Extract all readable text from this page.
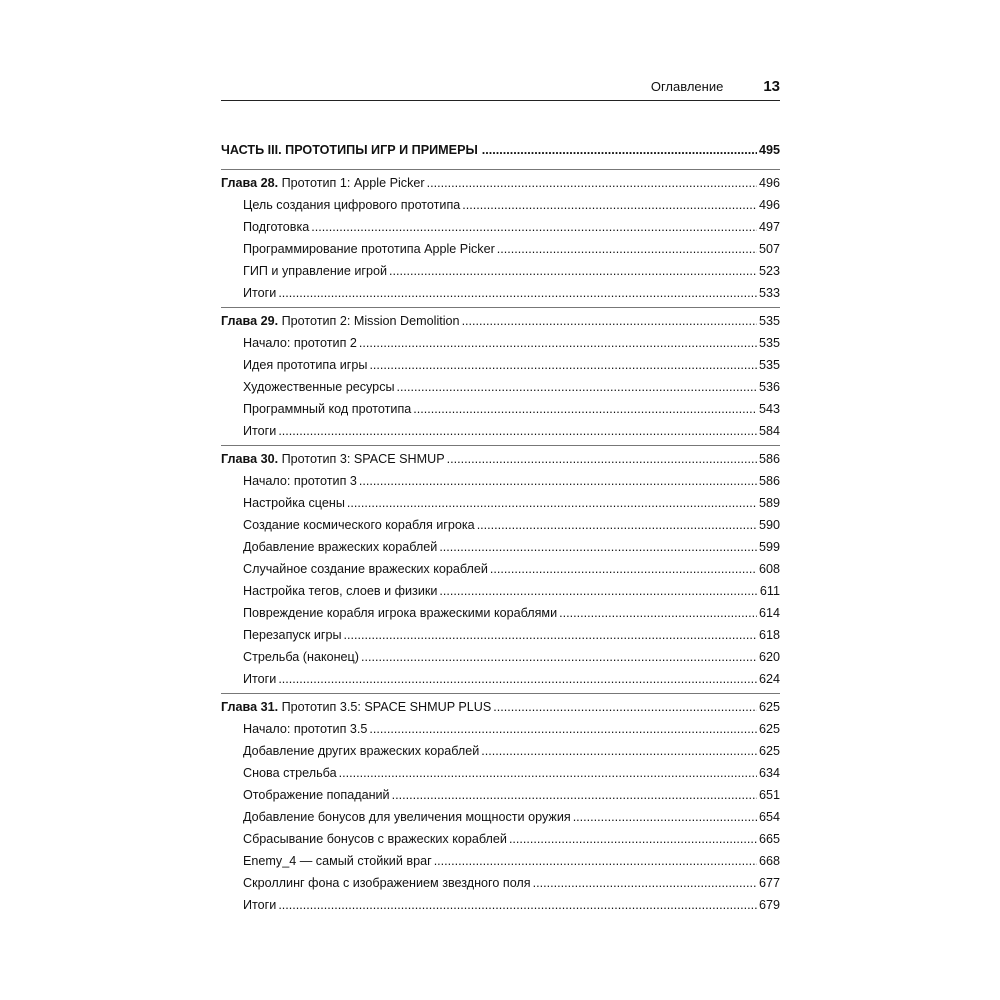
Оглавление	13
ЧАСТЬ III. ПРОТОТИПЫ ИГР И ПРИМЕРЫ .....	495
Глава 28. Прототип 1: Apple Picker .....	496
Цель создания цифрового прототипа .....	496
Подготовка .....	497
Программирование прототипа Apple Picker .....	507
ГИП и управление игрой .....	523
Итоги .....	533
Глава 29. Прототип 2: Mission Demolition .....	535
Начало: прототип 2 .....	535
Идея прототипа игры .....	535
Художественные ресурсы .....	536
Программный код прототипа .....	543
Итоги .....	584
Глава 30. Прототип 3: SPACE SHMUP .....	586
Начало: прототип 3 .....	586
Настройка сцены .....	589
Создание космического корабля игрока .....	590
Добавление вражеских кораблей .....	599
Случайное создание вражеских кораблей .....	608
Настройка тегов, слоев и физики .....	611
Повреждение корабля игрока вражескими кораблями .....	614
Перезапуск игры .....	618
Стрельба (наконец) .....	620
Итоги .....	624
Глава 31. Прототип 3.5: SPACE SHMUP PLUS .....	625
Начало: прототип 3.5 .....	625
Добавление других вражеских кораблей .....	625
Снова стрельба .....	634
Отображение попаданий .....	651
Добавление бонусов для увеличения мощности оружия .....	654
Сбрасывание бонусов с вражеских кораблей .....	665
Enemy_4 — самый стойкий враг .....	668
Скроллинг фона с изображением звездного поля .....	677
Итоги .....	679
